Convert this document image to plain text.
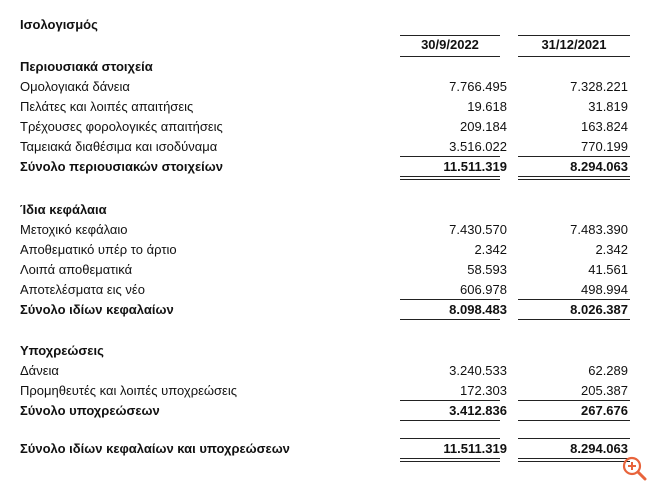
Ισολογισμός
30/9/2022	31/12/2021
Περιουσιακά στοιχεία
Ομολογιακά δάνεια	7.766.495	7.328.221
Πελάτες και λοιπές απαιτήσεις	19.618	31.819
Τρέχουσες φορολογικές απαιτήσεις	209.184	163.824
Ταμειακά διαθέσιμα και ισοδύναμα	3.516.022	770.199
Σύνολο περιουσιακών στοιχείων	11.511.319	8.294.063
Ίδια κεφάλαια
Μετοχικό κεφάλαιο	7.430.570	7.483.390
Αποθεματικό υπέρ το άρτιο	2.342	2.342
Λοιπά αποθεματικά	58.593	41.561
Αποτελέσματα εις νέο	606.978	498.994
Σύνολο ιδίων κεφαλαίων	8.098.483	8.026.387
Υποχρεώσεις
Δάνεια	3.240.533	62.289
Προμηθευτές και λοιπές υποχρεώσεις	172.303	205.387
Σύνολο υποχρεώσεων	3.412.836	267.676
Σύνολο ιδίων κεφαλαίων και υποχρεώσεων	11.511.319	8.294.063
